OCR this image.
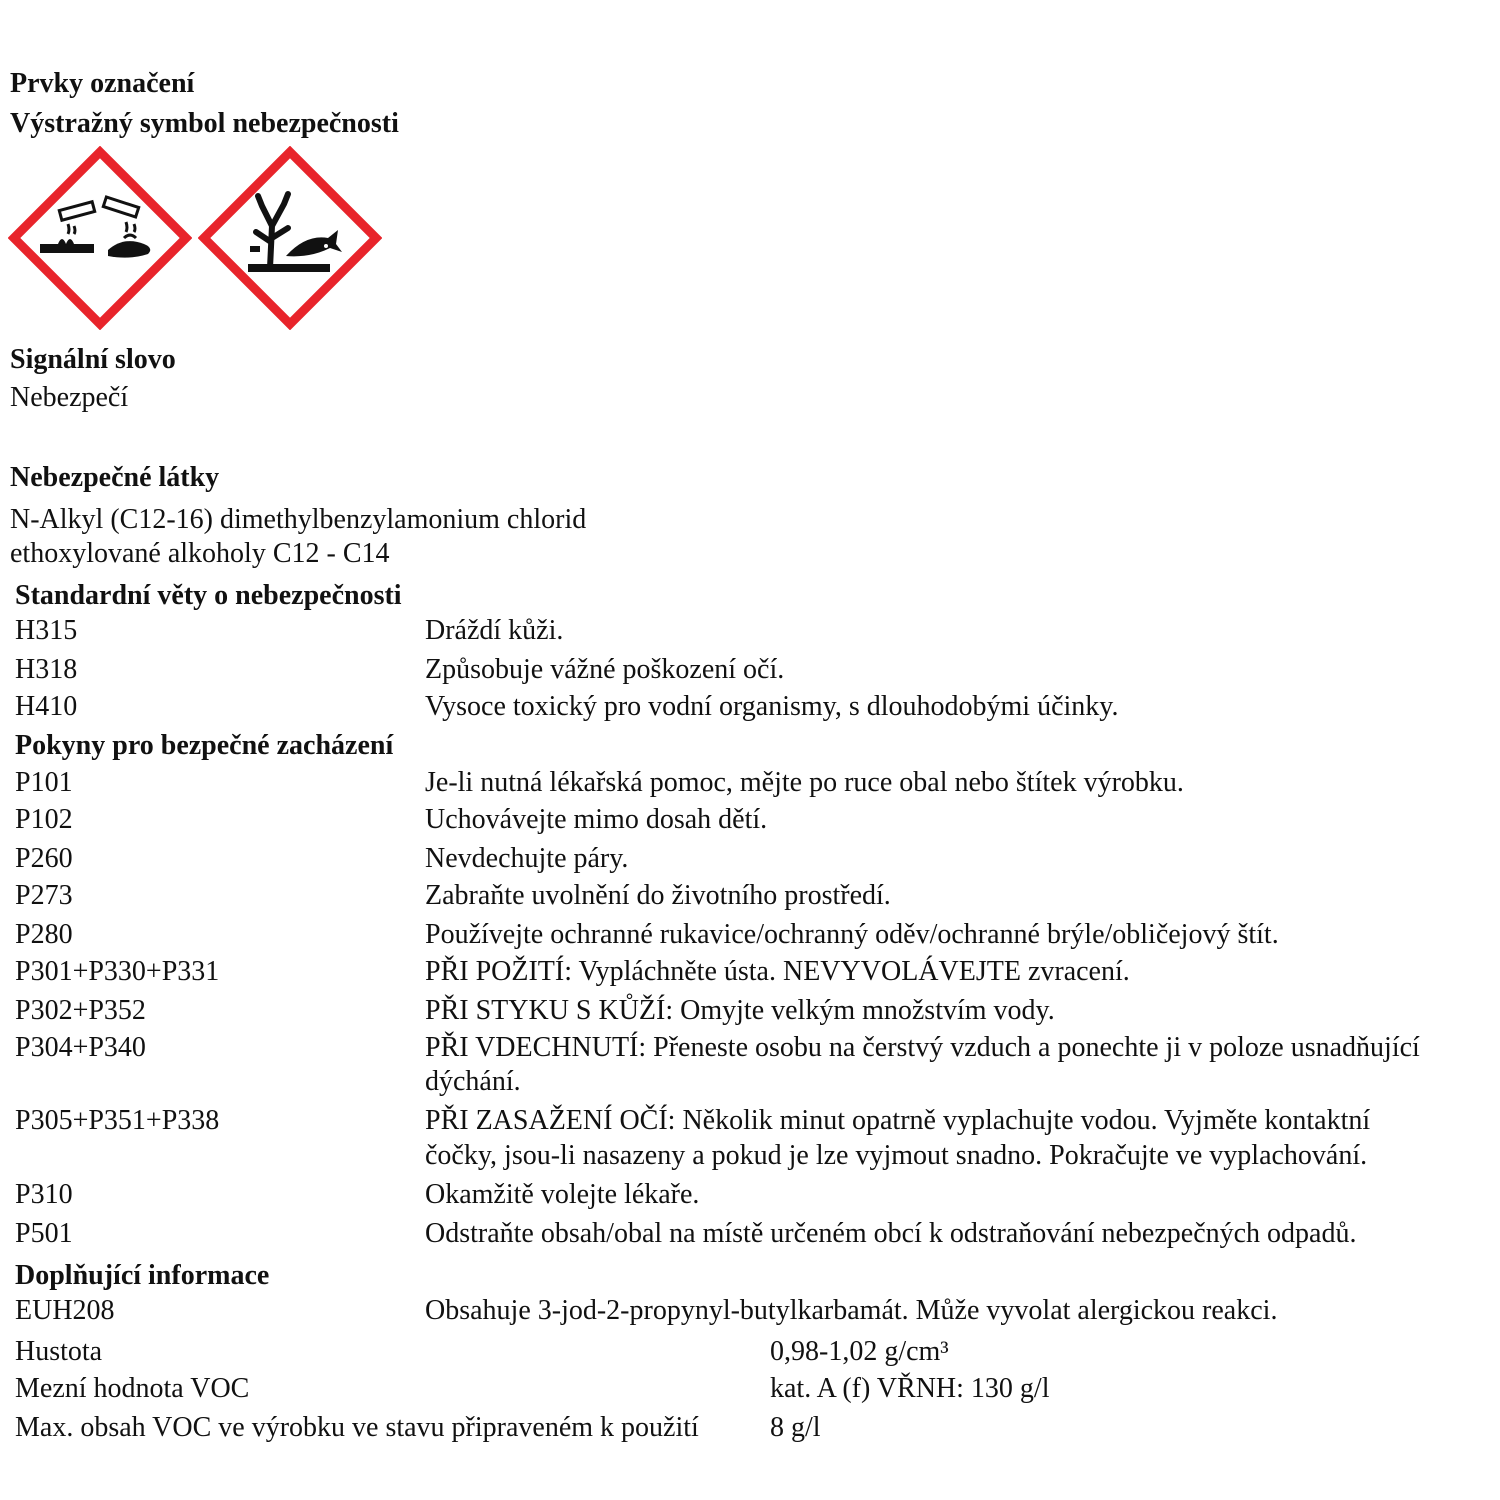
Prvky označení
Výstražný symbol nebezpečnosti
Signální slovo
Nebezpečí
Nebezpečné látky
N-Alkyl (C12-16) dimethylbenzylamonium chlorid
ethoxylované alkoholy C12 - C14
Standardní věty o nebezpečnosti
H315	Dráždí kůži.
H318	Způsobuje vážné poškození očí.
H410	Vysoce toxický pro vodní organismy, s dlouhodobými účinky.
Pokyny pro bezpečné zacházení
P101	Je-li nutná lékařská pomoc, mějte po ruce obal nebo štítek výrobku.
P102	Uchovávejte mimo dosah dětí.
P260	Nevdechujte páry.
P273	Zabraňte uvolnění do životního prostředí.
P280	Používejte ochranné rukavice/ochranný oděv/ochranné brýle/obličejový štít.
P301+P330+P331	PŘI POŽITÍ: Vypláchněte ústa. NEVYVOLÁVEJTE zvracení.
P302+P352	PŘI STYKU S KŮŽÍ: Omyjte velkým množstvím vody.
P304+P340	PŘI VDECHNUTÍ: Přeneste osobu na čerstvý vzduch a ponechte ji v poloze usnadňující
dýchání.
P305+P351+P338	PŘI ZASAŽENÍ OČÍ: Několik minut opatrně vyplachujte vodou. Vyjměte kontaktní
čočky, jsou-li nasazeny a pokud je lze vyjmout snadno. Pokračujte ve vyplachování.
P310	Okamžitě volejte lékaře.
P501	Odstraňte obsah/obal na místě určeném obcí k odstraňování nebezpečných odpadů.
Doplňující informace
EUH208	Obsahuje 3-jod-2-propynyl-butylkarbamát. Může vyvolat alergickou reakci.
Hustota	0,98-1,02 g/cm³
Mezní hodnota VOC	kat. A (f) VŘNH: 130 g/l
Max. obsah VOC ve výrobku ve stavu připraveném k použití	8 g/l
